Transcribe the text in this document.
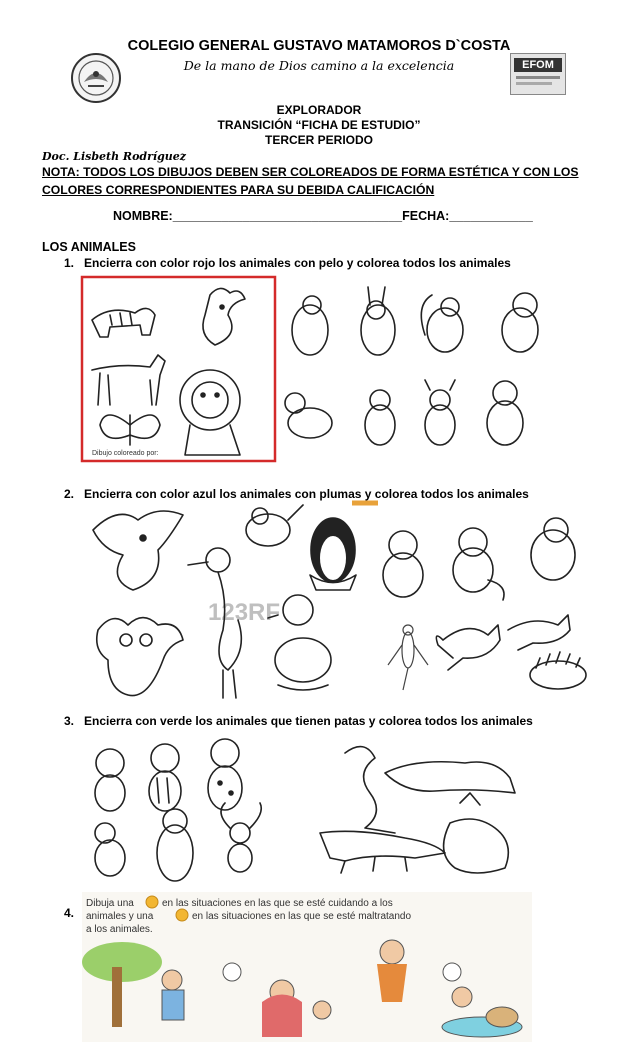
COLEGIO GENERAL GUSTAVO MATAMOROS D`COSTA
De la mano de Dios camino a la excelencia	EFOM
EXPLORADOR
TRANSICIÓN “FICHA DE ESTUDIO”
TERCER PERIODO
Doc. Lisbeth Rodríguez
NOTA: TODOS LOS DIBUJOS DEBEN SER COLOREADOS DE FORMA ESTÉTICA Y CON LOS COLORES CORRESPONDIENTES PARA SU DEBIDA CALIFICACIÓN
NOMBRE:_________________________________FECHA:____________
LOS ANIMALES
1. Encierra con color rojo los animales con pelo y colorea todos los animales
Dibujo coloreado por:
2. Encierra con color azul los animales con plumas y colorea todos los animales
123RF
3. Encierra con verde los animales que tienen patas y colorea todos los animales
4.
Dibuja una	en las situaciones en las que se esté cuidando a los
animales y una	en las situaciones en las que se esté maltratando
a los animales.
